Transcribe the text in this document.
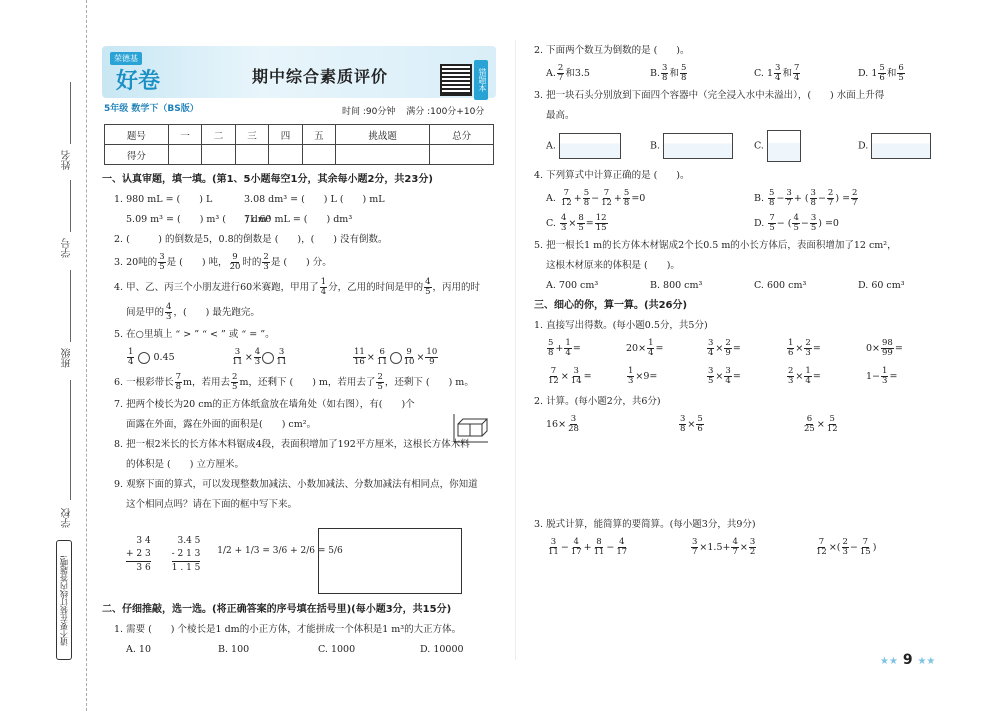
姓名
学号
班级
学校
请不要在装订线内答题哦!
荣德基
好卷	期中综合素质评价	错题本
5年级 数学下（BS版）	时间 :90分钟 满分 :100分+10分
题号	一	二	三	四	五	挑战题	总分
得分							
一、认真审题，填一填。(第1、5小题每空1分，其余每小题2分，共23分)
1. 980 mL = (　　) L	3.08 dm³ = (　　) L (　　) mL
5.09 m³ = (　　) m³ (　　) dm³
7L 60 mL = (　　) dm³
2. (　　　) 的倒数是5，0.8的倒数是 (　　)，(　　) 没有倒数。
3. 20吨的 $\frac{3}{5}$ 是 (　　) 吨， $\frac{9}{20}$ 时的 $\frac{2}{3}$ 是 (　　) 分。
4. 甲、乙、丙三个小朋友进行60米赛跑，甲用了 $\frac{1}{4}$ 分，乙用的时间是甲的 $\frac{4}{5}$ ，丙用的时
间是甲的 $\frac{4}{3}$ ，(　　) 最先跑完。
5. 在○里填上 “ > ” “ < ” 或 “ = ”。
$\frac{1}{4} 0.45$	$\frac{3}{11} \times \frac{4}{3} \frac{3}{11}$	$\frac{11}{16} \times \frac{6}{11} \frac{9}{10} \times \frac{10}{9}$
6. 一根彩带长 $\frac{7}{8}$ m，若用去 $\frac{2}{5}$ m，还剩下 (　　) m，若用去了 $\frac{2}{5}$ ，还剩下 (　　) m。
7. 把两个棱长为20 cm的正方体纸盒放在墙角处（如右图），有(　　)个
面露在外面，露在外面的面积是(　　) cm²。
8. 把一根2米长的长方体木料锯成4段，表面积增加了192平方厘米，这根长方体木料
的体积是 (　　) 立方厘米。
9. 观察下面的算式，可以发现整数加减法、小数加减法、分数加减法有相同点，你知道
这个相同点吗？请在下面的框中写下来。
3 4
+ 2 3
3 6

3.4 5
- 2 1 3
1 . 1 5
1/2 + 1/3 = 3/6 + 2/6 = 5/6
二、仔细推敲，选一选。(将正确答案的序号填在括号里)(每小题3分，共15分)
1. 需要 (　　) 个棱长是1 dm的小正方体，才能拼成一个体积是1 m³的大正方体。
A. 10	B. 100	C. 1000	D. 10000
2. 下面两个数互为倒数的是 (　　)。
A. $\frac{2}{7}$ 和3.5	B. $\frac{3}{8}$ 和 $\frac{5}{8}$	C. $1 \frac{3}{4}$ 和 $\frac{7}{4}$	D. $1 \frac{5}{6}$ 和 $\frac{6}{5}$
3. 把一块石头分别放到下面四个容器中（完全浸入水中未溢出），(　　) 水面上升得
最高。
A.	B.	C.	D.
4. 下列算式中计算正确的是 (　　)。
A. $\frac{7}{12} + \frac{5}{8} - \frac{7}{12} + \frac{5}{8} =0$	B. $\frac{5}{8} - \frac{3}{7}$ + ( $\frac{3}{8} - \frac{2}{7}$ ) = $\frac{2}{7}$
C. $\frac{4}{3} \times \frac{8}{5} = \frac{12}{15}$	D. $\frac{7}{5}$ − ( $\frac{4}{5} - \frac{3}{5}$ ) =0
5. 把一根长1 m的长方体木材锯成2个长0.5 m的小长方体后，表面积增加了12 cm²，
这根木材原来的体积是 (　　)。
A. 700 cm³	B. 800 cm³	C. 600 cm³	D. 60 cm³
三、细心的你，算一算。(共26分)
1. 直接写出得数。(每小题0.5分，共5分)
$\frac{5}{8} + \frac{1}{4}$ =	$20\times \frac{1}{4}$ =	$\frac{3}{4} \times \frac{2}{9}$ =	$\frac{1}{6} \times \frac{2}{3}$ =	$0\times \frac{98}{99}$ =
$\frac{7}{12} \times \frac{3}{14}$ =	$\frac{1}{3} \times 9=$	$\frac{3}{5} \times \frac{3}{4}$ =	$\frac{2}{3} \times \frac{1}{4}$ =	$1- \frac{1}{3}$ =
2. 计算。(每小题2分，共6分)
$16\times \frac{3}{28}$	$\frac{3}{8} \times \frac{5}{6}$	$\frac{6}{25} \times \frac{5}{12}$
3. 脱式计算，能简算的要简算。(每小题3分，共9分)
$\frac{3}{11} - \frac{4}{17} + \frac{8}{11} - \frac{4}{17}$	$\frac{3}{7} \times 1.5+ \frac{4}{7} \times \frac{3}{2}$	$\frac{7}{12}$ ×( $\frac{2}{3} - \frac{7}{15}$ )
★★ 9 ★★
